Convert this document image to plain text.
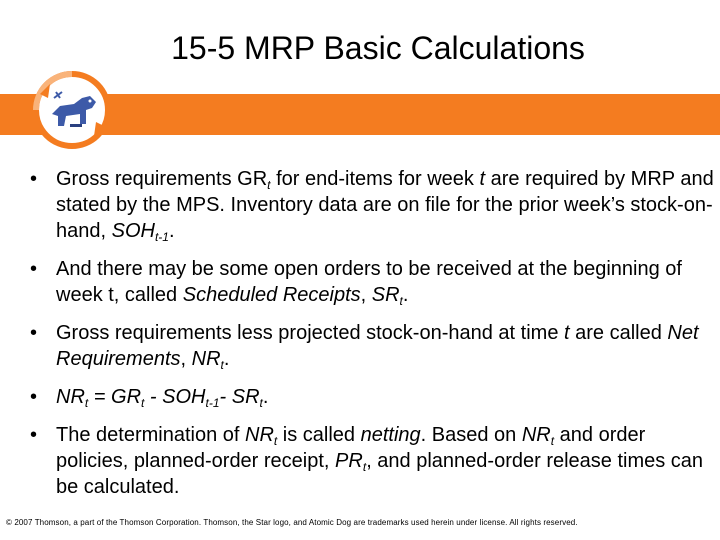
15-5 MRP Basic Calculations
• Gross requirements $GR_t$ for end-items for week t are required by MRP and stated by the MPS. Inventory data are on file for the prior week’s stock-on-hand, $SOH_{t-1}$.
• And there may be some open orders to be received at the beginning of week t, called Scheduled Receipts, $SR_t$.
• Gross requirements less projected stock-on-hand at time t are called Net Requirements, $NR_t$.
• $NR_t = GR_t - SOH_{t-1}-$ $SR_t$.
• The determination of $NR_t$ is called netting. Based on $NR_t$ and order policies, planned-order receipt, $PR_t$, and planned-order release times can be calculated.
© 2007 Thomson, a part of the Thomson Corporation. Thomson, the Star logo, and Atomic Dog are trademarks used herein under license. All rights reserved.
